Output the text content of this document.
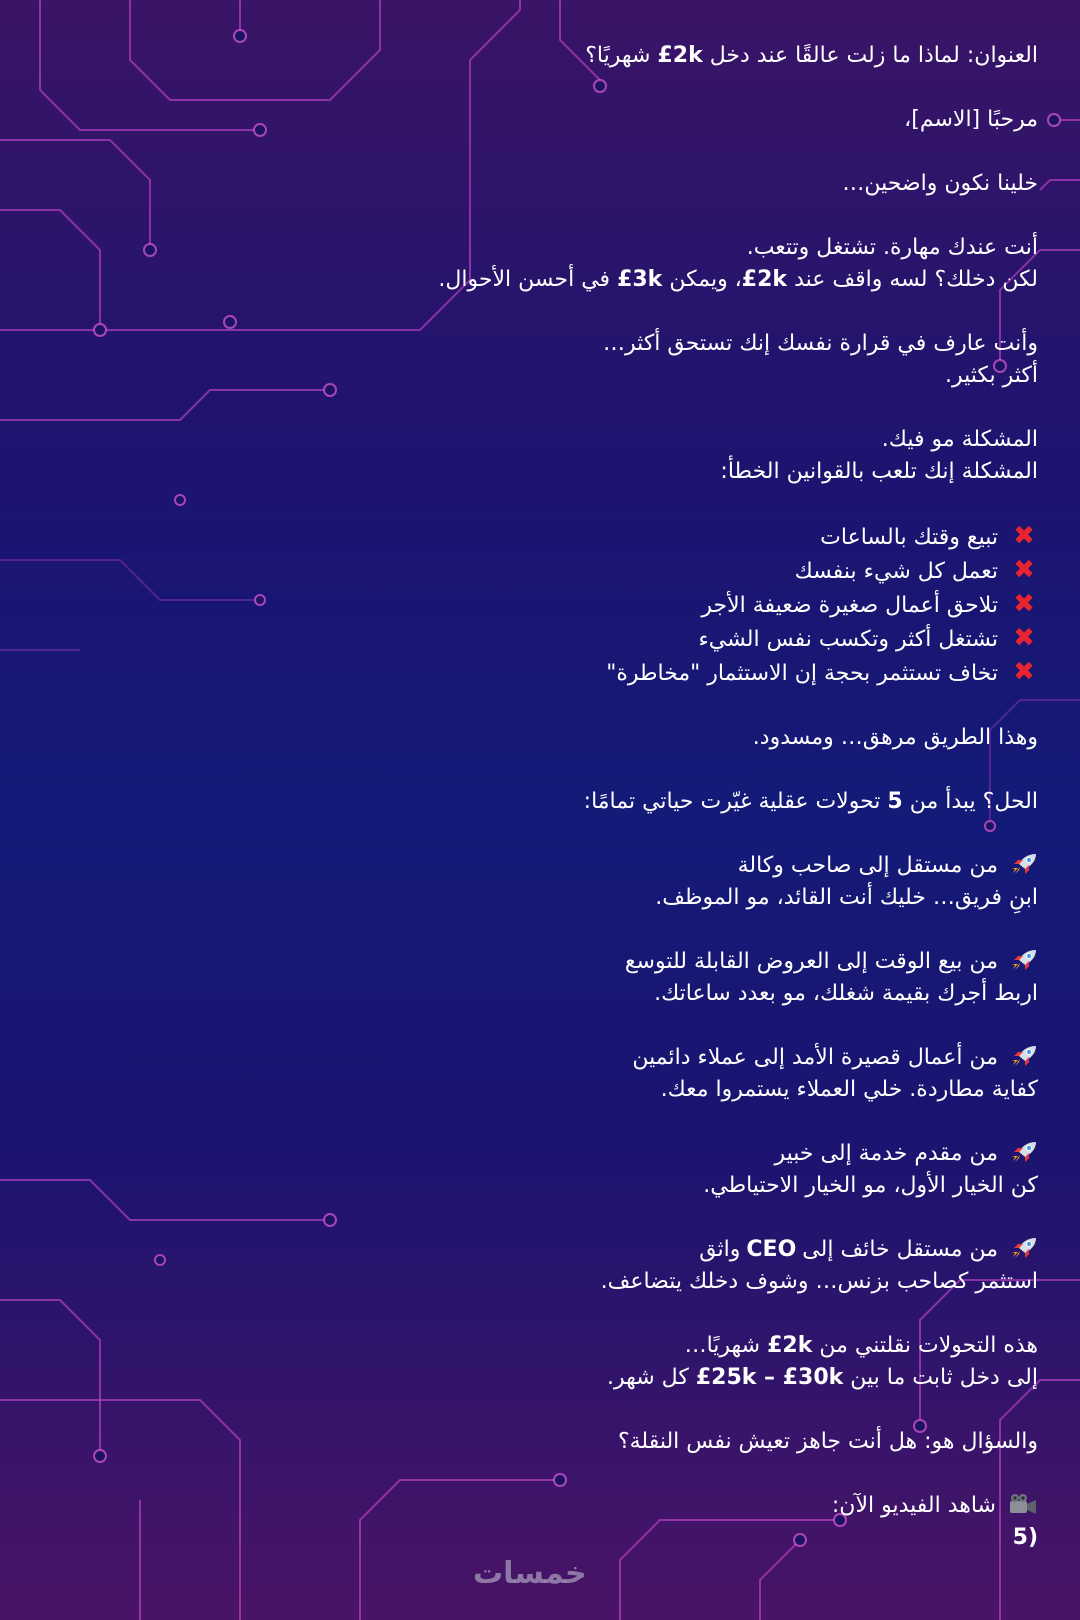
العنوان: لماذا ما زلت عالقًا عند دخل 2k£ شهريًا؟
مرحبًا [الاسم]،
خلينا نكون واضحين…
أنت عندك مهارة. تشتغل وتتعب.
لكن دخلك؟ لسه واقف عند 2k£، ويمكن 3k£ في أحسن الأحوال.
وأنت عارف في قرارة نفسك إنك تستحق أكثر…
أكثر بكثير.
المشكلة مو فيك.
المشكلة إنك تلعب بالقوانين الخطأ:
✖تبيع وقتك بالساعات
✖تعمل كل شيء بنفسك
✖تلاحق أعمال صغيرة ضعيفة الأجر
✖تشتغل أكثر وتكسب نفس الشيء
✖تخاف تستثمر بحجة إن الاستثمار "مخاطرة"
وهذا الطريق مرهق… ومسدود.
الحل؟ يبدأ من 5 تحولات عقلية غيّرت حياتي تمامًا:
من مستقل إلى صاحب وكالة
ابنِ فريق… خليك أنت القائد، مو الموظف.
من بيع الوقت إلى العروض القابلة للتوسع
اربط أجرك بقيمة شغلك، مو بعدد ساعاتك.
من أعمال قصيرة الأمد إلى عملاء دائمين
كفاية مطاردة. خلي العملاء يستمروا معك.
من مقدم خدمة إلى خبير
كن الخيار الأول، مو الخيار الاحتياطي.
من مستقل خائف إلىCEOواثق
استثمر كصاحب بزنس… وشوف دخلك يتضاعف.
هذه التحولات نقلتني من 2k£ شهريًا…
إلى دخل ثابت ما بين 25k – £30k£ كل شهر.
والسؤال هو: هل أنت جاهز تعيش نفس النقلة؟
شاهد الفيديو الآن:
(5
خمسات
